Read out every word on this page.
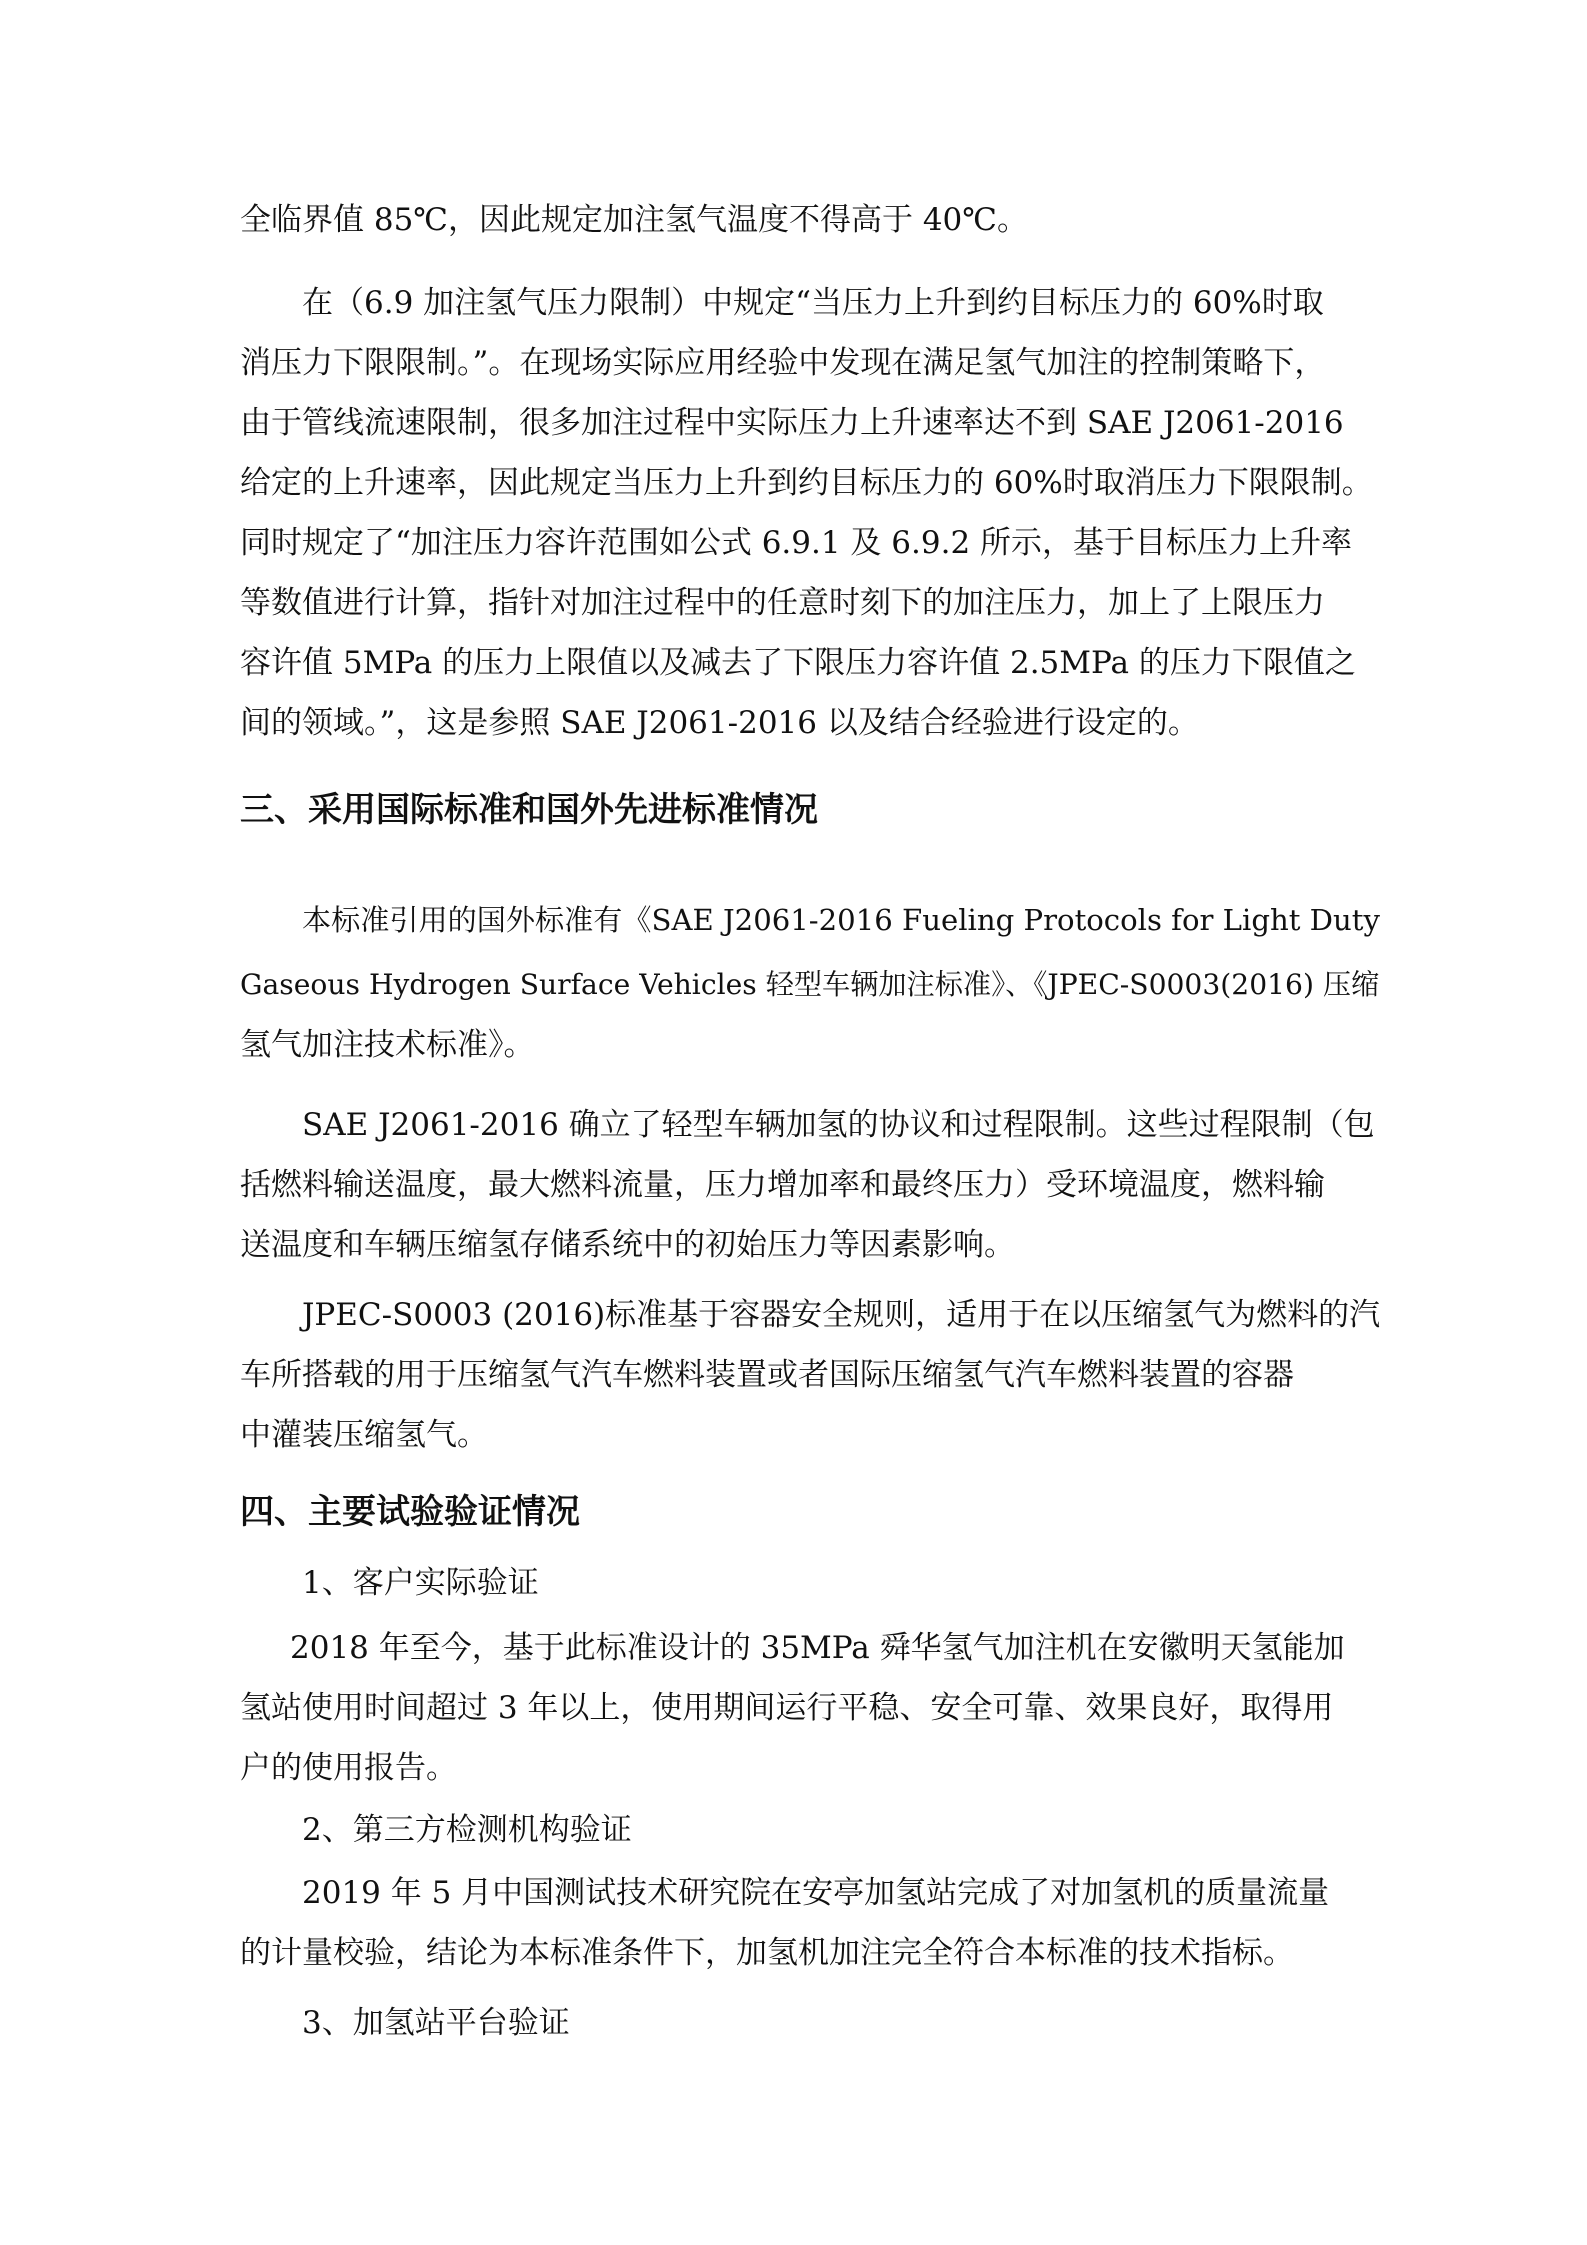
全临界值 85℃，因此规定加注氢气温度不得高于 40℃。
在（6.9 加注氢气压力限制）中规定“当压力上升到约目标压力的 60%时取
消压力下限限制。”。在现场实际应用经验中发现在满足氢气加注的控制策略下，
由于管线流速限制，很多加注过程中实际压力上升速率达不到 SAE J2061-2016
给定的上升速率，因此规定当压力上升到约目标压力的 60%时取消压力下限限制。
同时规定了“加注压力容许范围如公式 6.9.1 及 6.9.2 所示，基于目标压力上升率
等数值进行计算，指针对加注过程中的任意时刻下的加注压力，加上了上限压力
容许值 5MPa 的压力上限值以及减去了下限压力容许值 2.5MPa 的压力下限值之
间的领域。”，这是参照 SAE J2061-2016 以及结合经验进行设定的。
三、采用国际标准和国外先进标准情况
本标准引用的国外标准有《SAE J2061-2016 Fueling Protocols for Light Duty
Gaseous Hydrogen Surface Vehicles 轻型车辆加注标准》、《JPEC-S0003(2016) 压缩
氢气加注技术标准》。
SAE J2061-2016 确立了轻型车辆加氢的协议和过程限制。这些过程限制（包
括燃料输送温度，最大燃料流量，压力增加率和最终压力）受环境温度，燃料输
送温度和车辆压缩氢存储系统中的初始压力等因素影响。
JPEC-S0003 (2016)标准基于容器安全规则，适用于在以压缩氢气为燃料的汽
车所搭载的用于压缩氢气汽车燃料装置或者国际压缩氢气汽车燃料装置的容器
中灌装压缩氢气。
四、主要试验验证情况
1、客户实际验证
2018 年至今，基于此标准设计的 35MPa 舜华氢气加注机在安徽明天氢能加
氢站使用时间超过 3 年以上，使用期间运行平稳、安全可靠、效果良好，取得用
户的使用报告。
2、第三方检测机构验证
2019 年 5 月中国测试技术研究院在安亭加氢站完成了对加氢机的质量流量
的计量校验，结论为本标准条件下，加氢机加注完全符合本标准的技术指标。
3、加氢站平台验证
